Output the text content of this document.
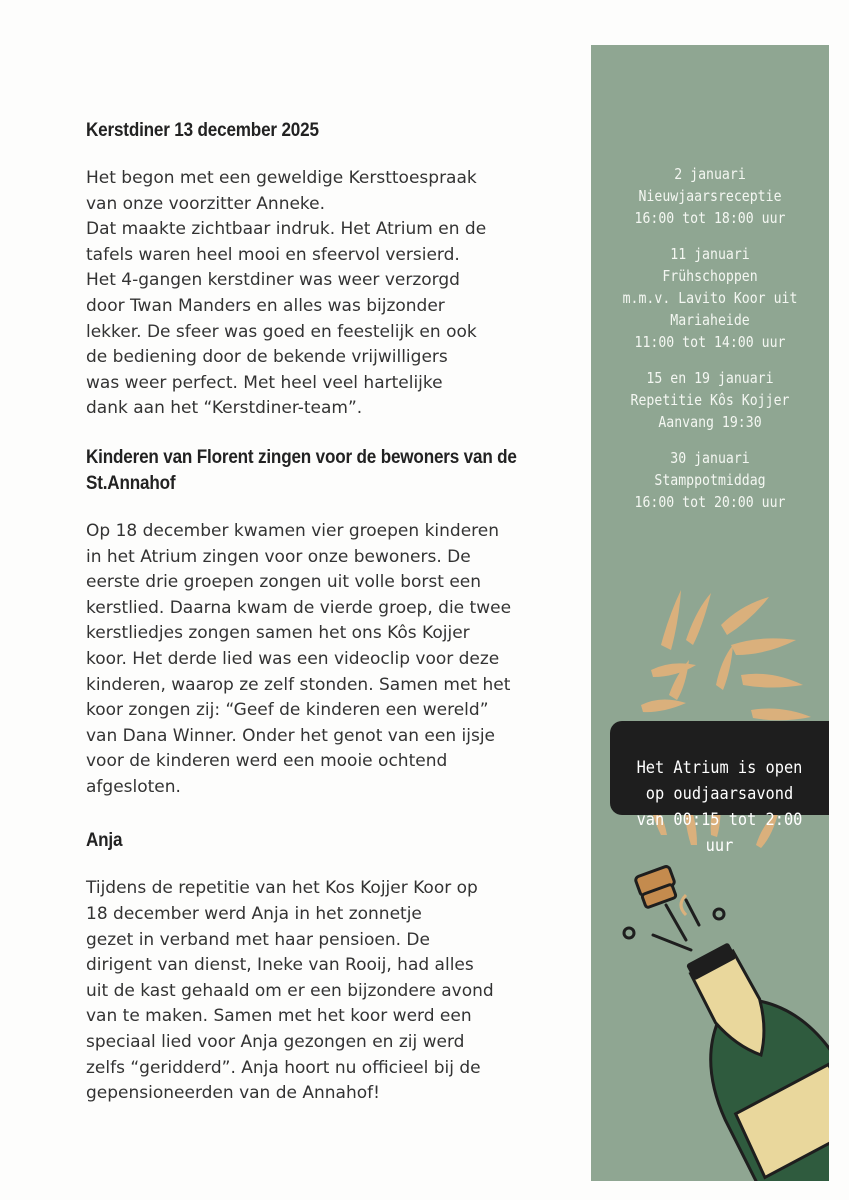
Kerstdiner 13 december 2025

Het begon met een geweldige Kersttoespraak
van onze voorzitter Anneke.
Dat maakte zichtbaar indruk. Het Atrium en de
tafels waren heel mooi en sfeervol versierd.
Het 4-gangen kerstdiner was weer verzorgd
door Twan Manders en alles was bijzonder
lekker. De sfeer was goed en feestelijk en ook
de bediening door de bekende vrijwilligers
was weer perfect. Met heel veel hartelijke
dank aan het “Kerstdiner-team”.

Kinderen van Florent zingen voor de bewoners van de St.Annahof

Op 18 december kwamen vier groepen kinderen
in het Atrium zingen voor onze bewoners. De
eerste drie groepen zongen uit volle borst een
kerstlied. Daarna kwam de vierde groep, die twee
kerstliedjes zongen samen het ons Kôs Kojjer
koor. Het derde lied was een videoclip voor deze
kinderen, waarop ze zelf stonden. Samen met het
koor zongen zij: “Geef de kinderen een wereld”
van Dana Winner. Onder het genot van een ijsje
voor de kinderen werd een mooie ochtend
afgesloten.

Anja

Tijdens de repetitie van het Kos Kojjer Koor op
18 december werd Anja in het zonnetje
gezet in verband met haar pensioen. De
dirigent van dienst, Ineke van Rooij, had alles
uit de kast gehaald om er een bijzondere avond
van te maken. Samen met het koor werd een
speciaal lied voor Anja gezongen en zij werd
zelfs “geridderd”. Anja hoort nu officieel bij de
gepensioneerden van de Annahof!

2 januari
Nieuwjaarsreceptie
16:00 tot 18:00 uur
11 januari
Frühschoppen
m.m.v. Lavito Koor uit
Mariaheide
11:00 tot 14:00 uur
15 en 19 januari
Repetitie Kôs Kojjer
Aanvang 19:30
30 januari
Stamppotmiddag
16:00 tot 20:00 uur

Het Atrium is open
op oudjaarsavond
van 00:15 tot 2:00 uur
